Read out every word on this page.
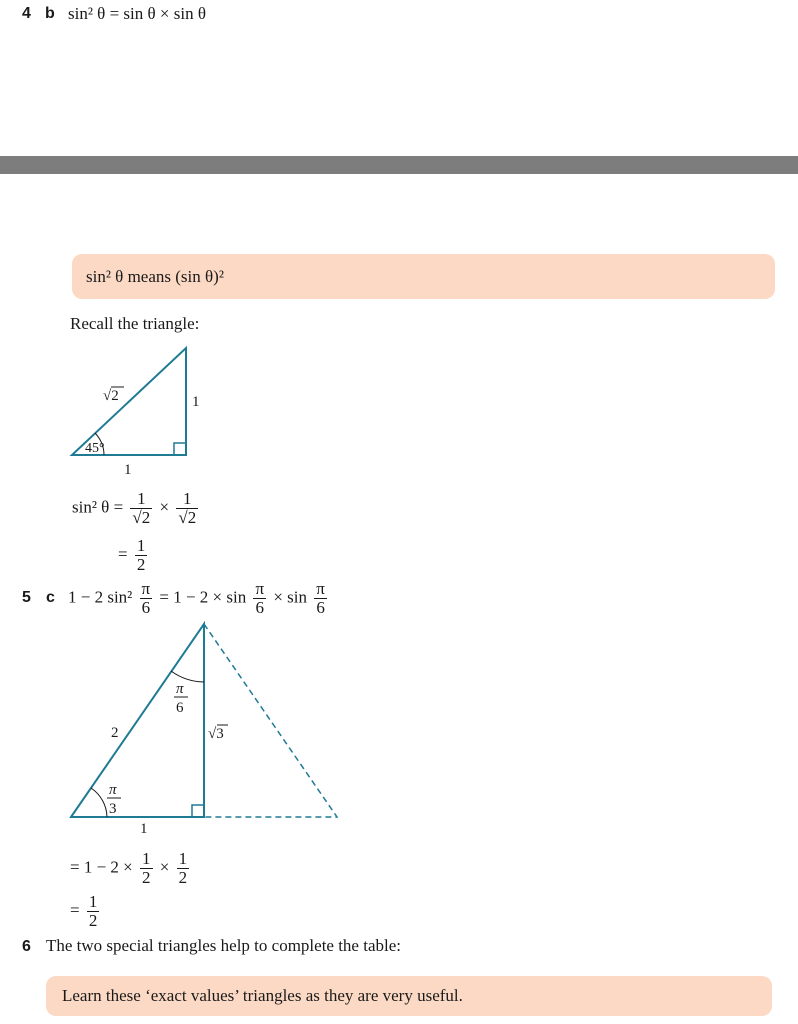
4 b sin² θ = sin θ × sin θ
sin² θ means (sin θ)²
Recall the triangle:
√2	1
45°
1
sin² $\theta = \frac{1}{√2} \times \frac{1}{√2}$
= $\frac{1}{2}$
5 c 1 − 2 $\sin^2 \frac{\pi}{6} = 1 - 2 \times \sin \frac{\pi}{6} \times \sin \frac{\pi}{6}$
π
6
2	√3
π
3
1
= $1 - 2 \times \frac{1}{2} \times \frac{1}{2}$
= $\frac{1}{2}$
6 The two special triangles help to complete the table:
Learn these ‘exact values’ triangles as they are very useful.
